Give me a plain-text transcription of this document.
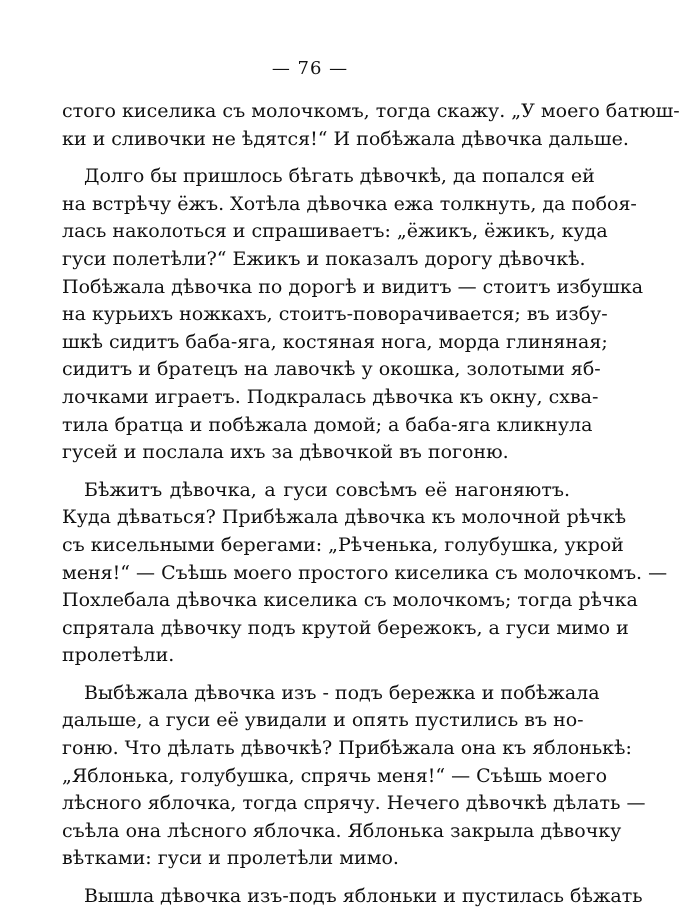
— 76 —
стого киселика съ молочкомъ, тогда скажу. „У моего батюш-
ки и сливочки не ѣдятся!“ И побѣжала дѣвочка дальше.
Долго бы пришлось бѣгать дѣвочкѣ, да попался ей
на встрѣчу ёжъ. Хотѣла дѣвочка ежа толкнуть, да побоя-
лась наколоться и спрашиваетъ: „ёжикъ, ёжикъ, куда
гуси полетѣли?“ Ежикъ и показалъ дорогу дѣвочкѣ.
Побѣжала дѣвочка по дорогѣ и видитъ — стоитъ избушка
на курьихъ ножкахъ, стоитъ-поворачивается; въ избу-
шкѣ сидитъ баба-яга, костяная нога, морда глиняная;
сидитъ и братецъ на лавочкѣ у окошка, золотыми яб-
лочками играетъ. Подкралась дѣвочка къ окну, схва-
тила братца и побѣжала домой; а баба-яга кликнула
гусей и послала ихъ за дѣвочкой въ погоню.
Бѣжитъ дѣвочка, а гуси совсѣмъ её нагоняютъ.
Куда дѣваться? Прибѣжала дѣвочка къ молочной рѣчкѣ
съ кисельными берегами: „Рѣченька, голубушка, укрой
меня!“ — Съѣшь моего простого киселика съ молочкомъ. —
Похлебала дѣвочка киселика съ молочкомъ; тогда рѣчка
спрятала дѣвочку подъ крутой бережокъ, а гуси мимо и
пролетѣли.
Выбѣжала дѣвочка изъ - подъ бережка и побѣжала
дальше, а гуси её увидали и опять пустились въ но-
гоню. Что дѣлать дѣвочкѣ? Прибѣжала она къ яблонькѣ:
„Яблонька, голубушка, спрячь меня!“ — Съѣшь моего
лѣсного яблочка, тогда спрячу. Нечего дѣвочкѣ дѣлать —
съѣла она лѣсного яблочка. Яблонька закрыла дѣвочку
вѣтками: гуси и пролетѣли мимо.
Вышла дѣвочка изъ-подъ яблоньки и пустилась бѣжать
